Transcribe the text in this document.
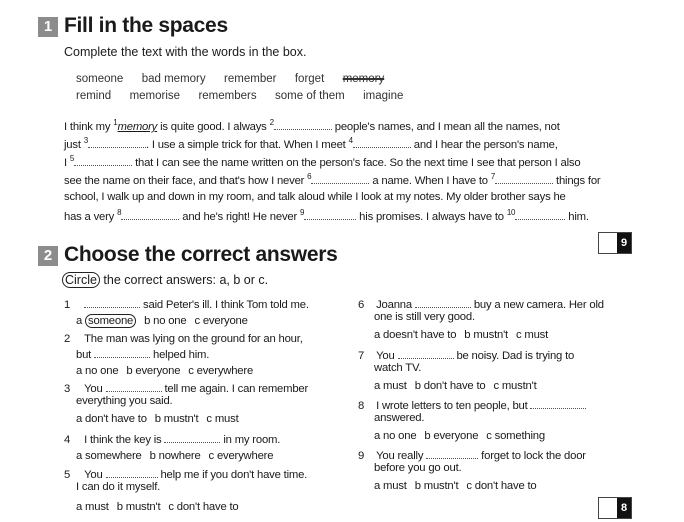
1 Fill in the spaces
Complete the text with the words in the box.
someone bad memory remember forget memory
remind memorise remembers some of them imagine
I think my $^1$memory is quite good. I always $^2$	people's names, and I mean all the names, not
just $^3$	. I use a simple trick for that. When I meet $^4$	and I hear the person's name,
I $^5$	that I can see the name written on the person's face. So the next time I see that person I also
see the name on their face, and that's how I never $^6$	a name. When I have to $^7$	things for
school, I walk up and down in my room, and talk aloud while I look at my notes. My older brother says he
has a very $^8$	and he's right! He never $^9$	his promises. I always have to $^{10}$	him.
9
2 Choose the correct answers
Circle the correct answers: a, b or c.
1	said Peter's ill. I think Tom told me.
a someone b no one c everyone
2 The man was lying on the ground for an hour,
but	helped him.
a no one b everyone c everywhere
3 You	tell me again. I can remember
everything you said.
a don't have to b mustn't c must
4 I think the key is	in my room.
a somewhere b nowhere c everywhere
5 You	help me if you don't have time.
I can do it myself.
a must b mustn't c don't have to
6 Joanna	buy a new camera. Her old
one is still very good.
a doesn't have to b mustn't c must
7 You	be noisy. Dad is trying to
watch TV.
a must b don't have to c mustn't
8 I wrote letters to ten people, but
answered.
a no one b everyone c something
9 You really	forget to lock the door
before you go out.
a must b mustn't c don't have to
8
